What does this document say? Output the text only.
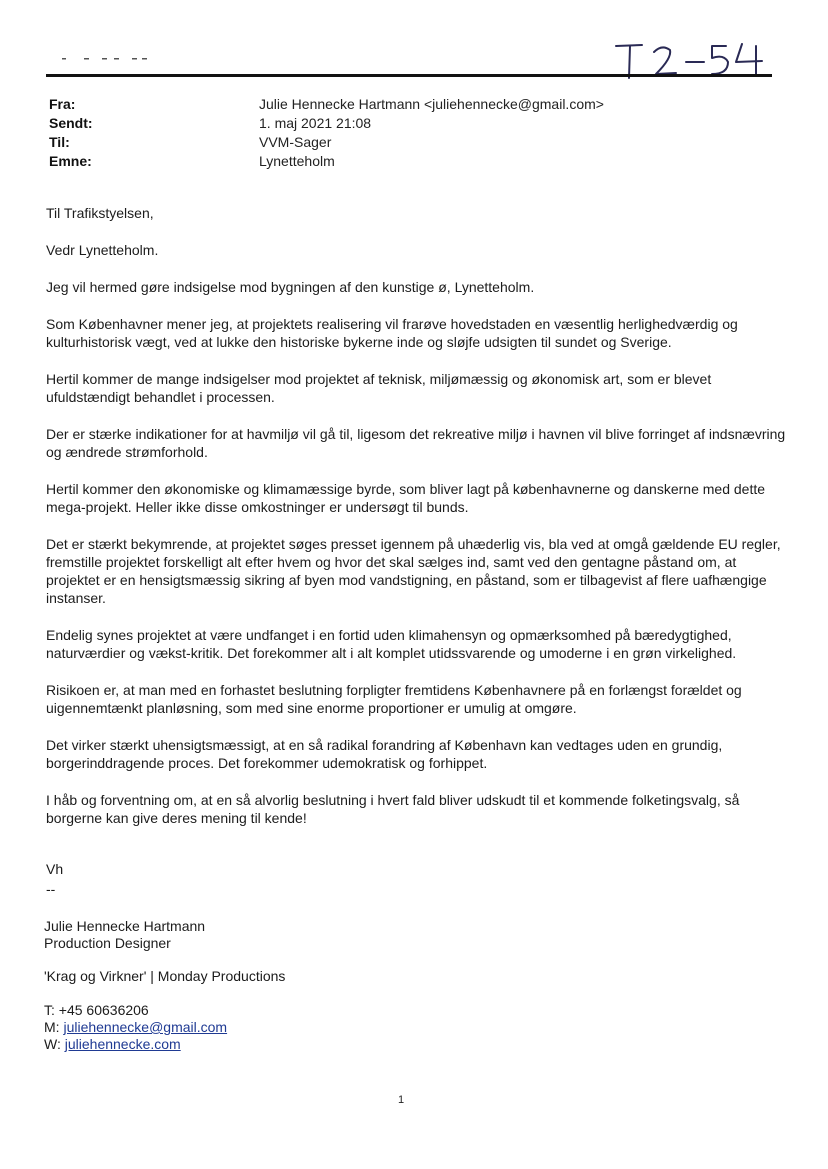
Fra:	Julie Hennecke Hartmann <juliehennecke@gmail.com>
Sendt:	1. maj 2021 21:08
Til:	VVM-Sager
Emne:	Lynetteholm

Til Trafikstyelsen,

Vedr Lynetteholm.

Jeg vil hermed gøre indsigelse mod bygningen af den kunstige ø, Lynetteholm.

Som Københavner mener jeg, at projektets realisering vil frarøve hovedstaden en væsentlig herlighedværdig og kulturhistorisk vægt, ved at lukke den historiske bykerne inde og sløjfe udsigten til sundet og Sverige.

Hertil kommer de mange indsigelser mod projektet af teknisk, miljømæssig og økonomisk art, som er blevet ufuldstændigt behandlet i processen.

Der er stærke indikationer for at havmiljø vil gå til, ligesom det rekreative miljø i havnen vil blive forringet af indsnævring og ændrede strømforhold.

Hertil kommer den økonomiske og klimamæssige byrde, som bliver lagt på københavnerne og danskerne med dette mega-projekt. Heller ikke disse omkostninger er undersøgt til bunds.

Det er stærkt bekymrende, at projektet søges presset igennem på uhæderlig vis, bla ved at omgå gældende EU regler, fremstille projektet forskelligt alt efter hvem og hvor det skal sælges ind, samt ved den gentagne påstand om, at projektet er en hensigtsmæssig sikring af byen mod vandstigning, en påstand, som er tilbagevist af flere uafhængige instanser.

Endelig synes projektet at være undfanget i en fortid uden klimahensyn og opmærksomhed på bæredygtighed, naturværdier og vækst-kritik. Det forekommer alt i alt komplet utidssvarende og umoderne i en grøn virkelighed.

Risikoen er, at man med en forhastet beslutning forpligter fremtidens Københavnere på en forlængst forældet og uigennemtænkt planløsning, som med sine enorme proportioner er umulig at omgøre.

Det virker stærkt uhensigtsmæssigt, at en så radikal forandring af København kan vedtages uden en grundig, borgerinddragende proces. Det forekommer udemokratisk og forhippet.

I håb og forventning om, at en så alvorlig beslutning i hvert fald bliver udskudt til et kommende folketingsvalg, så borgerne kan give deres mening til kende!

Vh
--
Julie Hennecke Hartmann
Production Designer
'Krag og Virkner' | Monday Productions
T: +45 60636206
M: juliehennecke@gmail.com
W: juliehennecke.com
1
